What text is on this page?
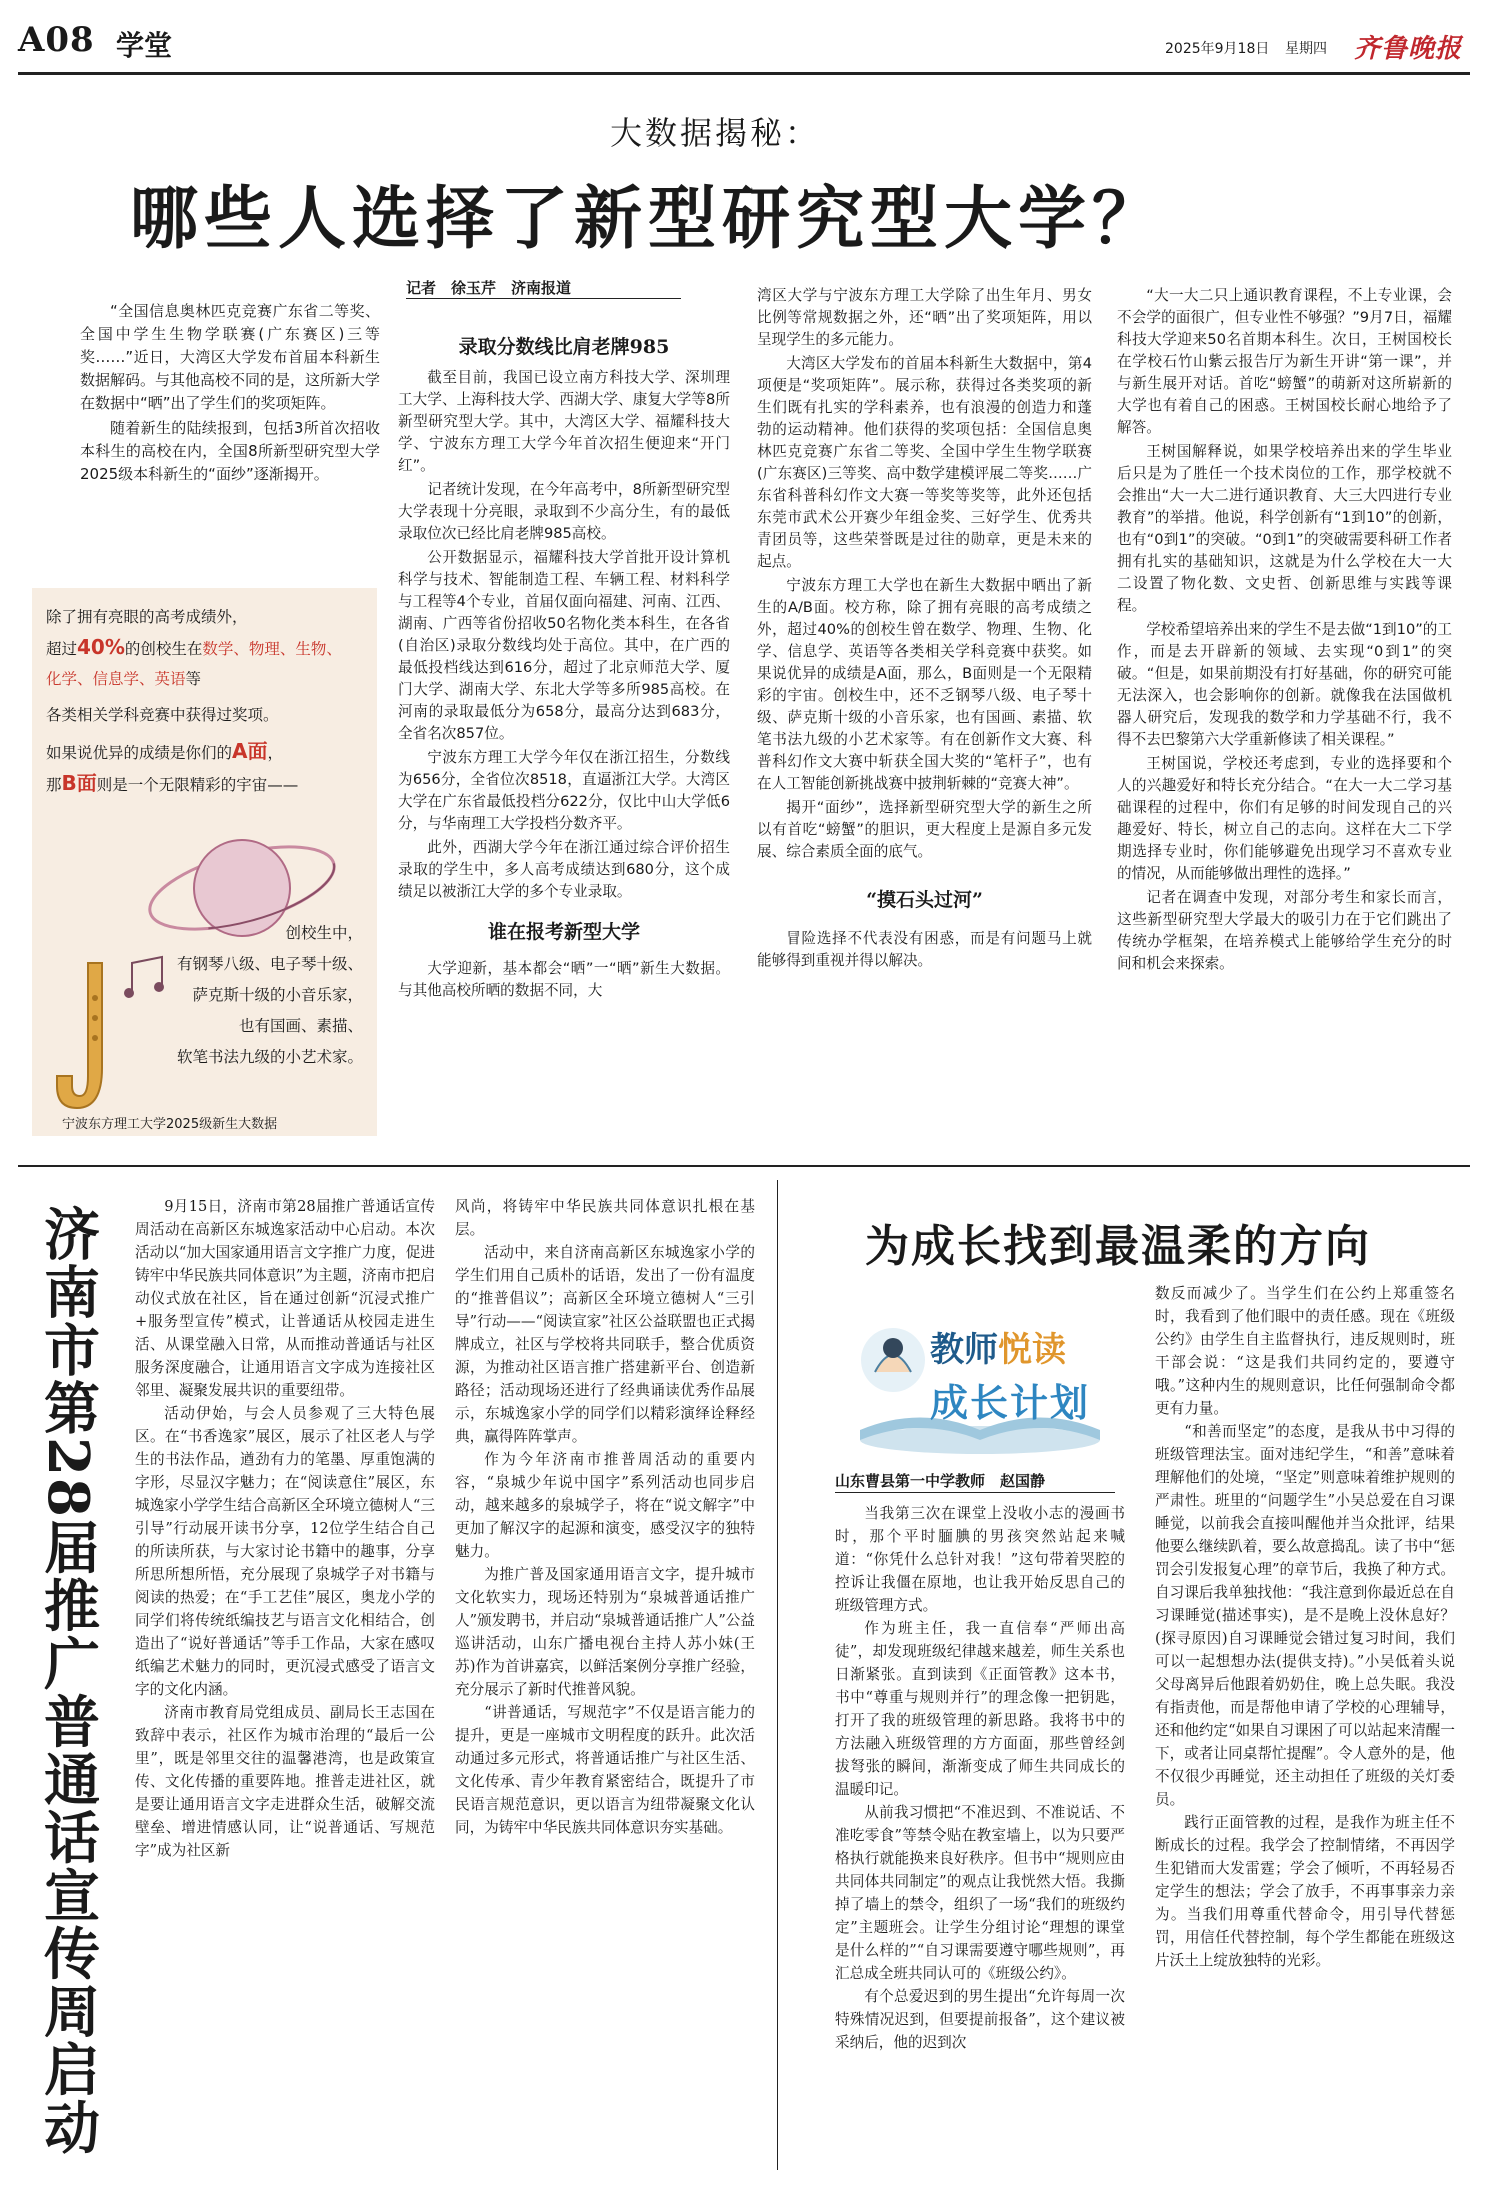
A08 学堂	2025年9月18日 星期四 齐鲁晚报
大数据揭秘：
哪些人选择了新型研究型大学？
记者　徐玉芹　济南报道

“全国信息奥林匹克竞赛广东省二等奖、全国中学生生物学联赛(广东赛区)三等奖……”近日，大湾区大学发布首届本科新生数据解码。与其他高校不同的是，这所新大学在数据中“晒”出了学生们的奖项矩阵。

随着新生的陆续报到，包括3所首次招收本科生的高校在内，全国8所新型研究型大学2025级本科新生的“面纱”逐渐揭开。

除了拥有亮眼的高考成绩外，
超过40%的创校生在数学、物理、生物、
化学、信息学、英语等
各类相关学科竞赛中获得过奖项。
如果说优异的成绩是你们的A面，
那B面则是一个无限精彩的宇宙——
创校生中，
有钢琴八级、电子琴十级、
萨克斯十级的小音乐家，
也有国画、素描、
软笔书法九级的小艺术家。
宁波东方理工大学2025级新生大数据
录取分数线比肩老牌985

截至目前，我国已设立南方科技大学、深圳理工大学、上海科技大学、西湖大学、康复大学等8所新型研究型大学。其中，大湾区大学、福耀科技大学、宁波东方理工大学今年首次招生便迎来“开门红”。

记者统计发现，在今年高考中，8所新型研究型大学表现十分亮眼，录取到不少高分生，有的最低录取位次已经比肩老牌985高校。

公开数据显示，福耀科技大学首批开设计算机科学与技术、智能制造工程、车辆工程、材料科学与工程等4个专业，首届仅面向福建、河南、江西、湖南、广西等省份招收50名物化类本科生，在各省(自治区)录取分数线均处于高位。其中，在广西的最低投档线达到616分，超过了北京师范大学、厦门大学、湖南大学、东北大学等多所985高校。在河南的录取最低分为658分，最高分达到683分，全省名次857位。

宁波东方理工大学今年仅在浙江招生，分数线为656分，全省位次8518，直逼浙江大学。大湾区大学在广东省最低投档分622分，仅比中山大学低6分，与华南理工大学投档分数齐平。

此外，西湖大学今年在浙江通过综合评价招生录取的学生中，多人高考成绩达到680分，这个成绩足以被浙江大学的多个专业录取。

谁在报考新型大学

大学迎新，基本都会“晒”一“晒”新生大数据。与其他高校所晒的数据不同，大

湾区大学与宁波东方理工大学除了出生年月、男女比例等常规数据之外，还“晒”出了奖项矩阵，用以呈现学生的多元能力。

大湾区大学发布的首届本科新生大数据中，第4项便是“奖项矩阵”。展示称，获得过各类奖项的新生们既有扎实的学科素养，也有浪漫的创造力和蓬勃的运动精神。他们获得的奖项包括：全国信息奥林匹克竞赛广东省二等奖、全国中学生生物学联赛(广东赛区)三等奖、高中数学建模评展二等奖……广东省科普科幻作文大赛一等奖等奖等，此外还包括东莞市武术公开赛少年组金奖、三好学生、优秀共青团员等，这些荣誉既是过往的勋章，更是未来的起点。

宁波东方理工大学也在新生大数据中晒出了新生的A/B面。校方称，除了拥有亮眼的高考成绩之外，超过40%的创校生曾在数学、物理、生物、化学、信息学、英语等各类相关学科竞赛中获奖。如果说优异的成绩是A面，那么，B面则是一个无限精彩的宇宙。创校生中，还不乏钢琴八级、电子琴十级、萨克斯十级的小音乐家，也有国画、素描、软笔书法九级的小艺术家等。有在创新作文大赛、科普科幻作文大赛中斩获全国大奖的“笔杆子”，也有在人工智能创新挑战赛中披荆斩棘的“竞赛大神”。

揭开“面纱”，选择新型研究型大学的新生之所以有首吃“螃蟹”的胆识，更大程度上是源自多元发展、综合素质全面的底气。

“摸石头过河”

冒险选择不代表没有困惑，而是有问题马上就能够得到重视并得以解决。

“大一大二只上通识教育课程，不上专业课，会不会学的面很广，但专业性不够强？”9月7日，福耀科技大学迎来50名首期本科生。次日，王树国校长在学校石竹山紫云报告厅为新生开讲“第一课”，并与新生展开对话。首吃“螃蟹”的萌新对这所崭新的大学也有着自己的困惑。王树国校长耐心地给予了解答。

王树国解释说，如果学校培养出来的学生毕业后只是为了胜任一个技术岗位的工作，那学校就不会推出“大一大二进行通识教育、大三大四进行专业教育”的举措。他说，科学创新有“1到10”的创新，也有“0到1”的突破。“0到1”的突破需要科研工作者拥有扎实的基础知识，这就是为什么学校在大一大二设置了物化数、文史哲、创新思维与实践等课程。

学校希望培养出来的学生不是去做“1到10”的工作，而是去开辟新的领域、去实现“0到1”的突破。“但是，如果前期没有打好基础，你的研究可能无法深入，也会影响你的创新。就像我在法国做机器人研究后，发现我的数学和力学基础不行，我不得不去巴黎第六大学重新修读了相关课程。”

王树国说，学校还考虑到，专业的选择要和个人的兴趣爱好和特长充分结合。“在大一大二学习基础课程的过程中，你们有足够的时间发现自己的兴趣爱好、特长，树立自己的志向。这样在大二下学期选择专业时，你们能够避免出现学习不喜欢专业的情况，从而能够做出理性的选择。”

记者在调查中发现，对部分考生和家长而言，这些新型研究型大学最大的吸引力在于它们跳出了传统办学框架，在培养模式上能够给学生充分的时间和机会来探索。

济南市第28届推广普通话宣传周启动	9月15日，济南市第28届推广普通话宣传周活动在高新区东城逸家活动中心启动。本次活动以“加大国家通用语言文字推广力度，促进铸牢中华民族共同体意识”为主题，济南市把启动仪式放在社区，旨在通过创新“沉浸式推广+服务型宣传”模式，让普通话从校园走进生活、从课堂融入日常，从而推动普通话与社区服务深度融合，让通用语言文字成为连接社区邻里、凝聚发展共识的重要纽带。

活动伊始，与会人员参观了三大特色展区。在“书香逸家”展区，展示了社区老人与学生的书法作品，遒劲有力的笔墨、厚重饱满的字形，尽显汉字魅力；在“阅读意住”展区，东城逸家小学学生结合高新区全环境立德树人“三引导”行动展开读书分享，12位学生结合自己的所读所获，与大家讨论书籍中的趣事，分享所思所想所悟，充分展现了泉城学子对书籍与阅读的热爱；在“手工艺佳”展区，奥龙小学的同学们将传统纸编技艺与语言文化相结合，创造出了“说好普通话”等手工作品，大家在感叹纸编艺术魅力的同时，更沉浸式感受了语言文字的文化内涵。

济南市教育局党组成员、副局长王志国在致辞中表示，社区作为城市治理的“最后一公里”，既是邻里交往的温馨港湾，也是政策宣传、文化传播的重要阵地。推普走进社区，就是要让通用语言文字走进群众生活，破解交流壁垒、增进情感认同，让“说普通话、写规范字”成为社区新

风尚，将铸牢中华民族共同体意识扎根在基层。

活动中，来自济南高新区东城逸家小学的学生们用自己质朴的话语，发出了一份有温度的“推普倡议”；高新区全环境立德树人“三引导”行动——“阅读宣家”社区公益联盟也正式揭牌成立，社区与学校将共同联手，整合优质资源，为推动社区语言推广搭建新平台、创造新路径；活动现场还进行了经典诵读优秀作品展示，东城逸家小学的同学们以精彩演绎诠释经典，赢得阵阵掌声。

作为今年济南市推普周活动的重要内容，“泉城少年说中国字”系列活动也同步启动，越来越多的泉城学子，将在“说文解字”中更加了解汉字的起源和演变，感受汉字的独特魅力。

为推广普及国家通用语言文字，提升城市文化软实力，现场还特别为“泉城普通话推广人”颁发聘书，并启动“泉城普通话推广人”公益巡讲活动，山东广播电视台主持人苏小妹(王苏)作为首讲嘉宾，以鲜活案例分享推广经验，充分展示了新时代推普风貌。

“讲普通话，写规范字”不仅是语言能力的提升，更是一座城市文明程度的跃升。此次活动通过多元形式，将普通话推广与社区生活、文化传承、青少年教育紧密结合，既提升了市民语言规范意识，更以语言为纽带凝聚文化认同，为铸牢中华民族共同体意识夯实基础。

为成长找到最温柔的方向
教师悦读
成长计划
山东曹县第一中学教师　赵国静

当我第三次在课堂上没收小志的漫画书时，那个平时腼腆的男孩突然站起来喊道：“你凭什么总针对我！”这句带着哭腔的控诉让我僵在原地，也让我开始反思自己的班级管理方式。

作为班主任，我一直信奉“严师出高徒”，却发现班级纪律越来越差，师生关系也日渐紧张。直到读到《正面管教》这本书，书中“尊重与规则并行”的理念像一把钥匙，打开了我的班级管理的新思路。我将书中的方法融入班级管理的方方面面，那些曾经剑拔弩张的瞬间，渐渐变成了师生共同成长的温暖印记。

从前我习惯把“不准迟到、不准说话、不准吃零食”等禁令贴在教室墙上，以为只要严格执行就能换来良好秩序。但书中“规则应由共同体共同制定”的观点让我恍然大悟。我撕掉了墙上的禁令，组织了一场“我们的班级约定”主题班会。让学生分组讨论“理想的课堂是什么样的”“自习课需要遵守哪些规则”，再汇总成全班共同认可的《班级公约》。

有个总爱迟到的男生提出“允许每周一次特殊情况迟到，但要提前报备”，这个建议被采纳后，他的迟到次

数反而减少了。当学生们在公约上郑重签名时，我看到了他们眼中的责任感。现在《班级公约》由学生自主监督执行，违反规则时，班干部会说：“这是我们共同约定的，要遵守哦。”这种内生的规则意识，比任何强制命令都更有力量。

“和善而坚定”的态度，是我从书中习得的班级管理法宝。面对违纪学生，“和善”意味着理解他们的处境，“坚定”则意味着维护规则的严肃性。班里的“问题学生”小吴总爱在自习课睡觉，以前我会直接叫醒他并当众批评，结果他要么继续趴着，要么故意捣乱。读了书中“惩罚会引发报复心理”的章节后，我换了种方式。自习课后我单独找他：“我注意到你最近总在自习课睡觉(描述事实)，是不是晚上没休息好？(探寻原因)自习课睡觉会错过复习时间，我们可以一起想想办法(提供支持)。”小吴低着头说父母离异后他跟着奶奶住，晚上总失眠。我没有指责他，而是帮他申请了学校的心理辅导，还和他约定“如果自习课困了可以站起来清醒一下，或者让同桌帮忙提醒”。令人意外的是，他不仅很少再睡觉，还主动担任了班级的关灯委员。

践行正面管教的过程，是我作为班主任不断成长的过程。我学会了控制情绪，不再因学生犯错而大发雷霆；学会了倾听，不再轻易否定学生的想法；学会了放手，不再事事亲力亲为。当我们用尊重代替命令，用引导代替惩罚，用信任代替控制，每个学生都能在班级这片沃土上绽放独特的光彩。
